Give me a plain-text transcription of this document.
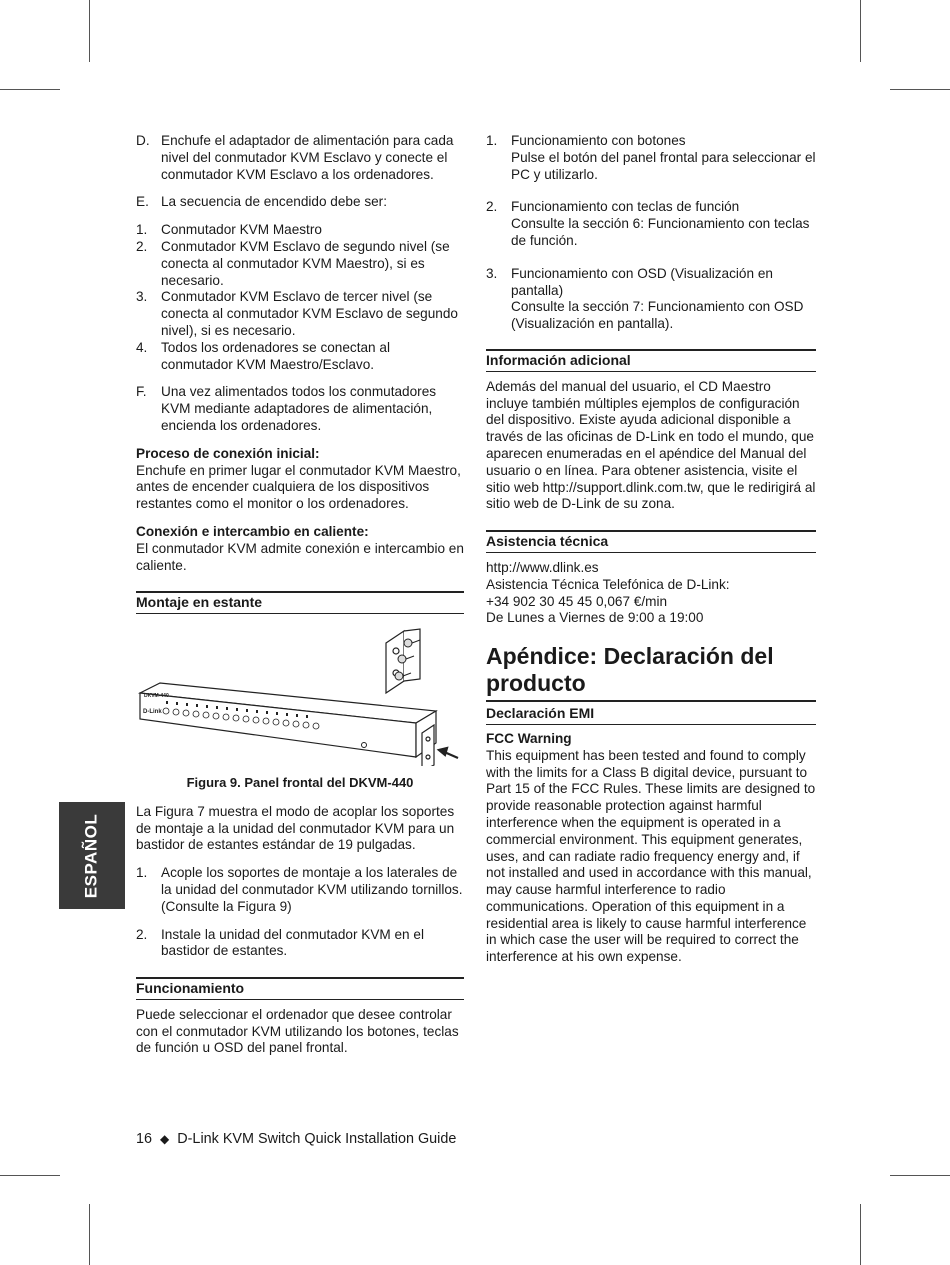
ESPAÑOL
D. Enchufe el adaptador de alimentación para cada nivel del conmutador KVM Esclavo y conecte el conmutador KVM Esclavo a los ordenadores.
E. La secuencia de encendido debe ser:
1.	Conmutador KVM Maestro
2.	Conmutador KVM Esclavo de segundo nivel (se conecta al conmutador KVM Maestro), si es necesario.
3.	Conmutador KVM Esclavo de tercer nivel (se conecta al conmutador KVM Esclavo de segundo nivel), si es necesario.
4.	Todos los ordenadores se conectan al conmutador KVM Maestro/Esclavo.
F.	Una vez alimentados todos los conmutadores KVM mediante adaptadores de alimentación, encienda los ordenadores.
Proceso de conexión inicial:
Enchufe en primer lugar el conmutador KVM Maestro, antes de encender cualquiera de los dispositivos restantes como el monitor o los ordenadores.
Conexión e intercambio en caliente:
El conmutador KVM admite conexión e intercambio en caliente.
Montaje en estante
DKVM-440
D-Link
Figura 9. Panel frontal del DKVM-440
La Figura 7 muestra el modo de acoplar los soportes de montaje a la unidad del conmutador KVM para un bastidor de estantes estándar de 19 pulgadas.
1.	Acople los soportes de montaje a los laterales de la unidad del conmutador KVM utilizando tornillos. (Consulte la Figura 9)
2.	Instale la unidad del conmutador KVM en el bastidor de estantes.
Funcionamiento
Puede seleccionar el ordenador que desee controlar con el conmutador KVM utilizando los botones, teclas de función u OSD del panel frontal.
1.	Funcionamiento con botones
Pulse el botón del panel frontal para seleccionar el PC y utilizarlo.
2.	Funcionamiento con teclas de función
Consulte la sección 6: Funcionamiento con teclas de función.
3.	Funcionamiento con OSD (Visualización en pantalla)
Consulte la sección 7: Funcionamiento con OSD (Visualización en pantalla).
Información adicional
Además del manual del usuario, el CD Maestro incluye también múltiples ejemplos de configuración del dispositivo. Existe ayuda adicional disponible a través de las oficinas de D-Link en todo el mundo, que aparecen enumeradas en el apéndice del Manual del usuario o en línea. Para obtener asistencia, visite el sitio web http://support.dlink.com.tw, que le redirigirá al sitio web de D-Link de su zona.
Asistencia técnica
http://www.dlink.es
Asistencia Técnica Telefónica de D-Link:
+34 902 30 45 45 0,067 €/min
De Lunes a Viernes de 9:00 a 19:00
Apéndice: Declaración del producto
Declaración EMI
FCC Warning
This equipment has been tested and found to comply with the limits for a Class B digital device, pursuant to Part 15 of the FCC Rules. These limits are designed to provide reasonable protection against harmful interference when the equipment is operated in a commercial environment. This equipment generates, uses, and can radiate radio frequency energy and, if not installed and used in accordance with this manual, may cause harmful interference to radio communications. Operation of this equipment in a residential area is likely to cause harmful interference in which case the user will be required to correct the interference at his own expense.
16 ◆ D-Link KVM Switch Quick Installation Guide
